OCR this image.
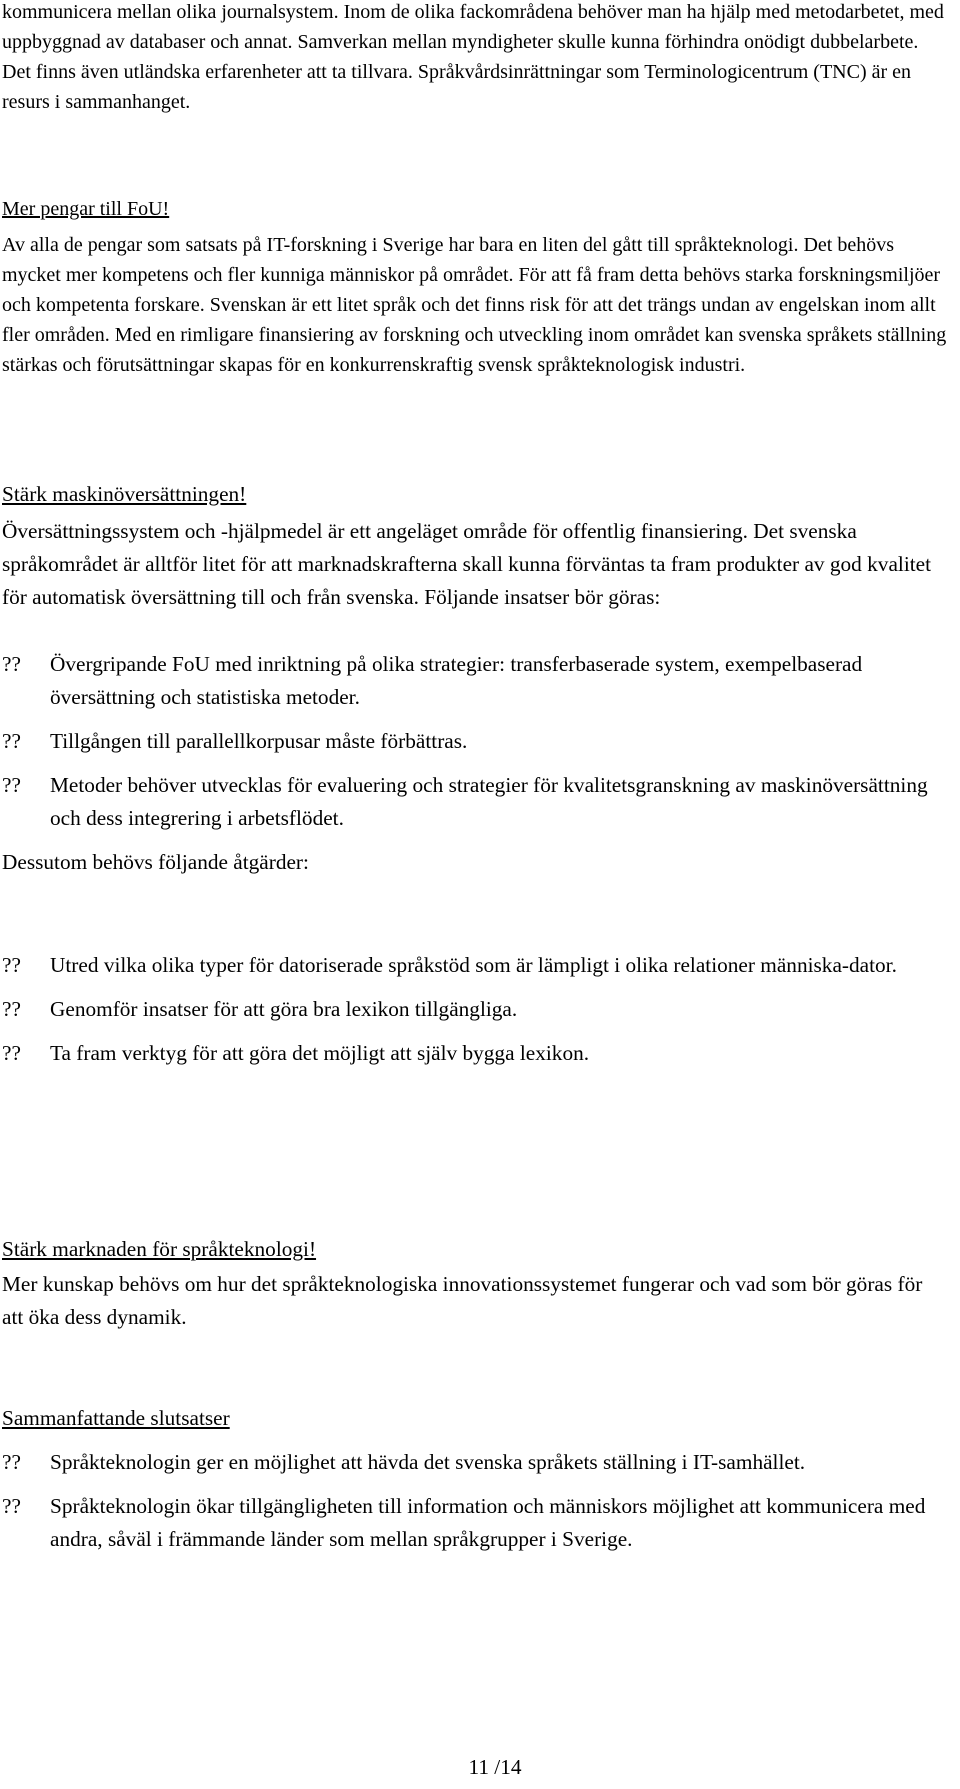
kommunicera mellan olika journalsystem. Inom de olika fackområdena behöver man ha hjälp med metodarbetet, med uppbyggnad av databaser och annat. Samverkan mellan myndigheter skulle kunna förhindra onödigt dubbelarbete. Det finns även utländska erfarenheter att ta tillvara. Språkvårdsinrättningar som Terminologicentrum (TNC) är en resurs i sammanhanget.

Mer pengar till FoU!

Av alla de pengar som satsats på IT-forskning i Sverige har bara en liten del gått till språkteknologi. Det behövs mycket mer kompetens och fler kunniga människor på området. För att få fram detta behövs starka forskningsmiljöer och kompetenta forskare. Svenskan är ett litet språk och det finns risk för att det trängs undan av engelskan inom allt fler områden. Med en rimligare finansiering av forskning och utveckling inom området kan svenska språkets ställning stärkas och förutsättningar skapas för en konkurrenskraftig svensk språkteknologisk industri.

Stärk maskinöversättningen!

Översättningssystem och -hjälpmedel är ett angeläget område för offentlig finansiering. Det svenska språkområdet är alltför litet för att marknadskrafterna skall kunna förväntas ta fram produkter av god kvalitet för automatisk översättning till och från svenska. Följande insatser bör göras:

?? Övergripande FoU med inriktning på olika strategier: transferbaserade system, exempelbaserad översättning och statistiska metoder.
?? Tillgången till parallellkorpusar måste förbättras.
?? Metoder behöver utvecklas för evaluering och strategier för kvalitetsgranskning av maskinöversättning och dess integrering i arbetsflödet.

Dessutom behövs följande åtgärder:

?? Utred vilka olika typer för datoriserade språkstöd som är lämpligt i olika relationer människa-dator.
?? Genomför insatser för att göra bra lexikon tillgängliga.
?? Ta fram verktyg för att göra det möjligt att själv bygga lexikon.
Stärk marknaden för språkteknologi!

Mer kunskap behövs om hur det språkteknologiska innovationssystemet fungerar och vad som bör göras för att öka dess dynamik.

Sammanfattande slutsatser
?? Språkteknologin ger en möjlighet att hävda det svenska språkets ställning i IT-samhället.
?? Språkteknologin ökar tillgängligheten till information och människors möjlighet att kommunicera med andra, såväl i främmande länder som mellan språkgrupper i Sverige.
11 /14
